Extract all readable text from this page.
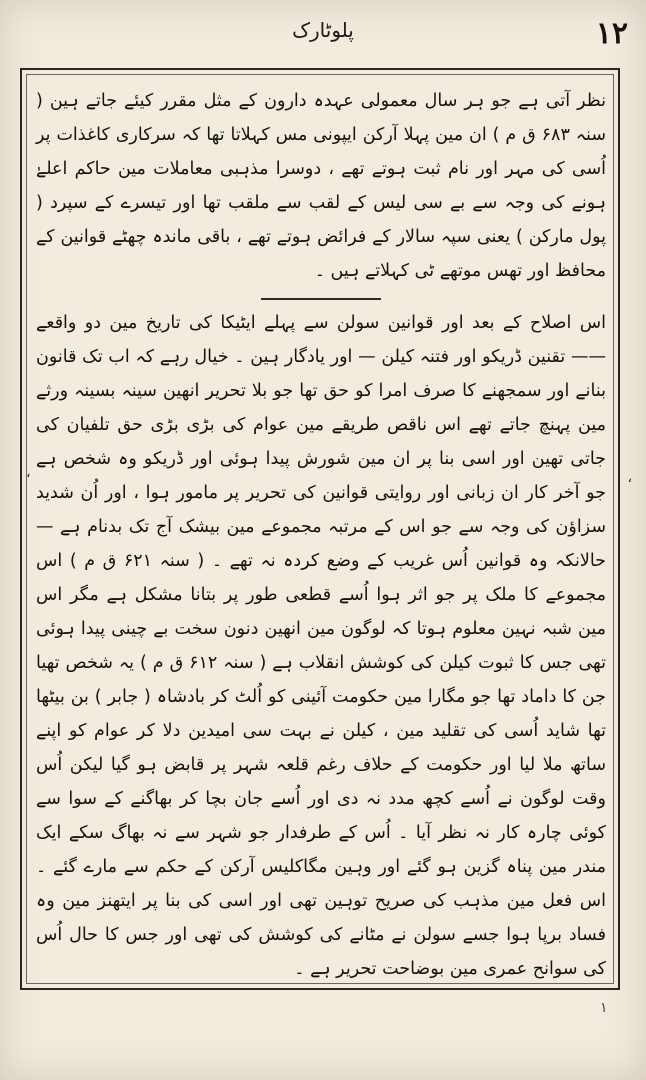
پلوٹارک	۱۲

نظر آتی ہے جو ہر سال معمولی عہدہ دارون کے مثل مقرر کیئے جاتے ہین ( سنہ ۶۸۳ ق م ) ان مین پہلا آرکن ایپونی مس کہلاتا تھا کہ سرکاری کاغذات پر اُسی کی مہر اور نام ثبت ہوتے تھے ، دوسرا مذہبی معاملات مین حاکم اعلےٰ ہونے کی وجہ سے بے سی لیس کے لقب سے ملقب تھا اور تیسرے کے سپرد ( پول مارکن ) یعنی سپہ سالار کے فرائض ہوتے تھے ، باقی ماندہ چھٹے قوانین کے محافظ اور تھس موتھے ٹی کہلاتے ہیں ۔

اس اصلاح کے بعد اور قوانین سولن سے پہلے ایٹیکا کی تاریخ مین دو واقعے —— تقنین ڈریکو اور فتنہ کیلن — اور یادگار ہین ۔ خیال رہے کہ اب تک قانون بنانے اور سمجھنے کا صرف امرا کو حق تھا جو بلا تحریر انھین سینہ بسینہ ورثے مین پہنچ جاتے تھے اس ناقص طریقے مین عوام کی بڑی بڑی حق تلفیان کی جاتی تھین اور اسی بنا پر ان مین شورش پیدا ہوئی اور ڈریکو وہ شخص ہے جو آخر کار ان زبانی اور روایتی قوانین کی تحریر پر مامور ہوا ، اور اُن شدید سزاؤن کی وجہ سے جو اس کے مرتبہ مجموعے مین بیشک آج تک بدنام ہے — حالانکہ وہ قوانین اُس غریب کے وضع کردہ نہ تھے ۔ ( سنہ ۶۲۱ ق م ) اس مجموعے کا ملک پر جو اثر ہوا اُسے قطعی طور پر بتانا مشکل ہے مگر اس مین شبہ نہین معلوم ہوتا کہ لوگون مین انھین دنون سخت بے چینی پیدا ہوئی تھی جس کا ثبوت کیلن کی کوشش انقلاب ہے ( سنہ ۶۱۲ ق م ) یہ شخص تھیا جن کا داماد تھا جو مگارا مین حکومت آئینی کو اُلٹ کر بادشاہ ( جابر ) بن بیٹھا تھا شاید اُسی کی تقلید مین ، کیلن نے بہت سی امیدین دلا کر عوام کو اپنے ساتھ ملا لیا اور حکومت کے حلاف رغم قلعہ شہر پر قابض ہو گیا لیکن اُس وقت لوگون نے اُسے کچھ مدد نہ دی اور اُسے جان بچا کر بھاگنے کے سوا سے کوئی چارہ کار نہ نظر آیا ۔ اُس کے طرفدار جو شہر سے نہ بھاگ سکے ایک مندر مین پناہ گزین ہو گئے اور وہین مگاکلیس آرکن کے حکم سے مارے گئے ۔ اس فعل مین مذہب کی صریح توہین تھی اور اسی کی بنا پر ایتھنز مین وہ فساد برپا ہوا جسے سولن نے مٹانے کی کوشش کی تھی اور جس کا حال اُس کی سوانح عمری مین بوضاحت تحریر ہے ۔

،
،
۱
